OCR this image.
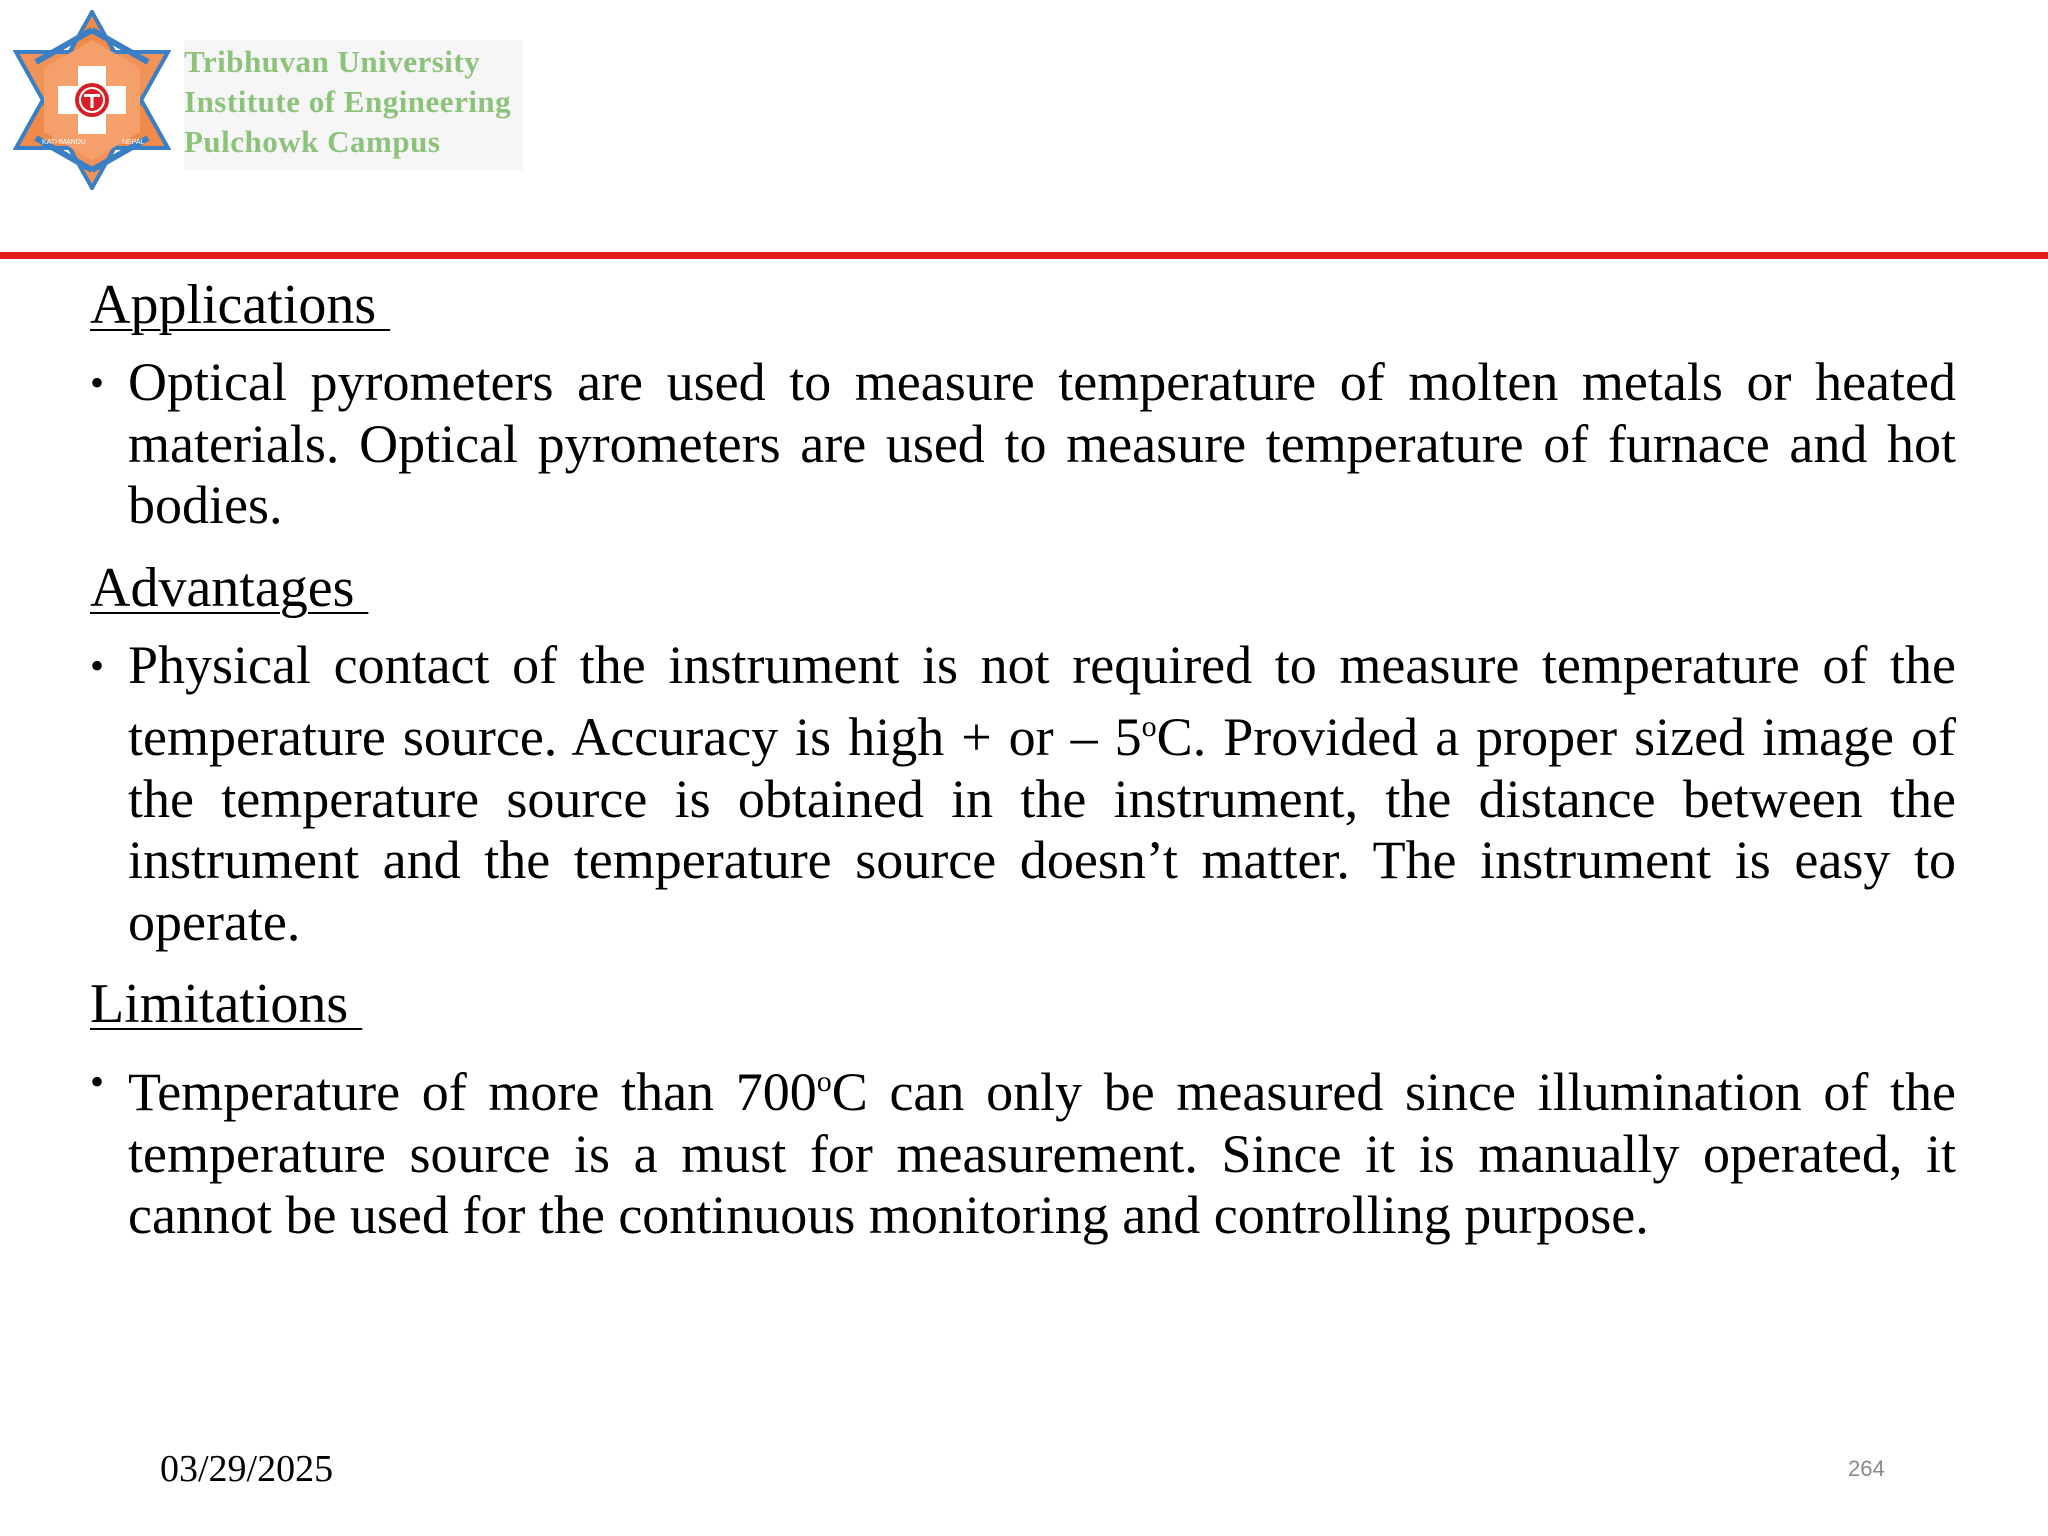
KATHMANDU	NEPAL
Tribhuvan University
Institute of Engineering
Pulchowk Campus
Applications
• Optical pyrometers are used to measure temperature of molten metals or heated materials. Optical pyrometers are used to measure temperature of furnace and hot bodies.
Advantages
• Physical contact of the instrument is not required to measure temperature of the temperature source. Accuracy is high + or – 5$^o$C. Provided a proper sized image of the temperature source is obtained in the instrument, the distance between the instrument and the temperature source doesn’t matter. The instrument is easy to operate.
Limitations
• Temperature of more than 700$^o$C can only be measured since illumination of the temperature source is a must for measurement. Since it is manually operated, it cannot be used for the continuous monitoring and controlling purpose.
03/29/2025	264
